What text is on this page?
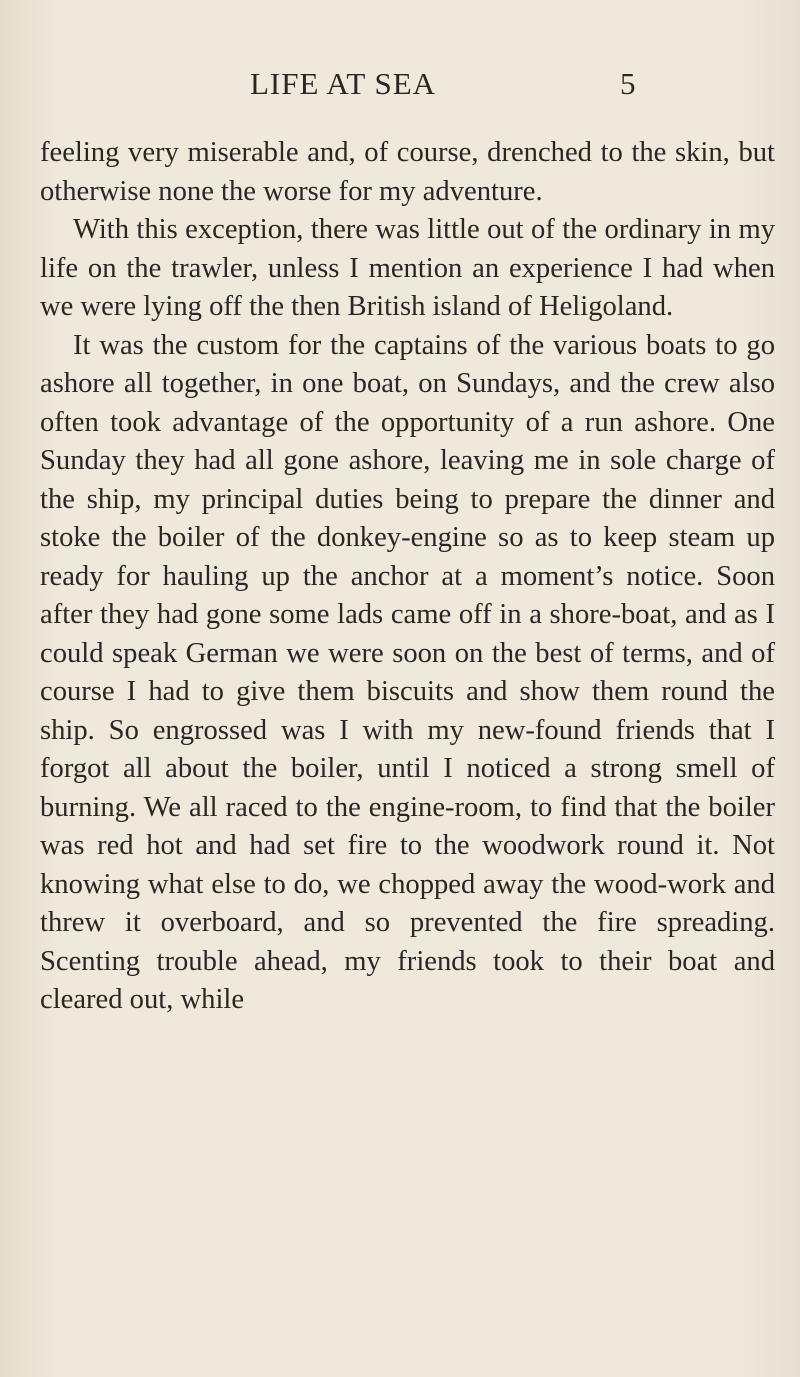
LIFE AT SEA	5

feeling very miserable and, of course, drenched to the skin, but otherwise none the worse for my adventure.

With this exception, there was little out of the ordinary in my life on the trawler, unless I mention an experience I had when we were lying off the then British island of Heligoland.

It was the custom for the captains of the various boats to go ashore all together, in one boat, on Sundays, and the crew also often took advantage of the opportunity of a run ashore. One Sunday they had all gone ashore, leaving me in sole charge of the ship, my principal duties being to prepare the dinner and stoke the boiler of the donkey-engine so as to keep steam up ready for hauling up the anchor at a moment’s notice. Soon after they had gone some lads came off in a shore-boat, and as I could speak German we were soon on the best of terms, and of course I had to give them biscuits and show them round the ship. So engrossed was I with my new-found friends that I forgot all about the boiler, until I noticed a strong smell of burning. We all raced to the engine-room, to find that the boiler was red hot and had set fire to the woodwork round it. Not knowing what else to do, we chopped away the wood-work and threw it overboard, and so prevented the fire spreading. Scenting trouble ahead, my friends took to their boat and cleared out, while
